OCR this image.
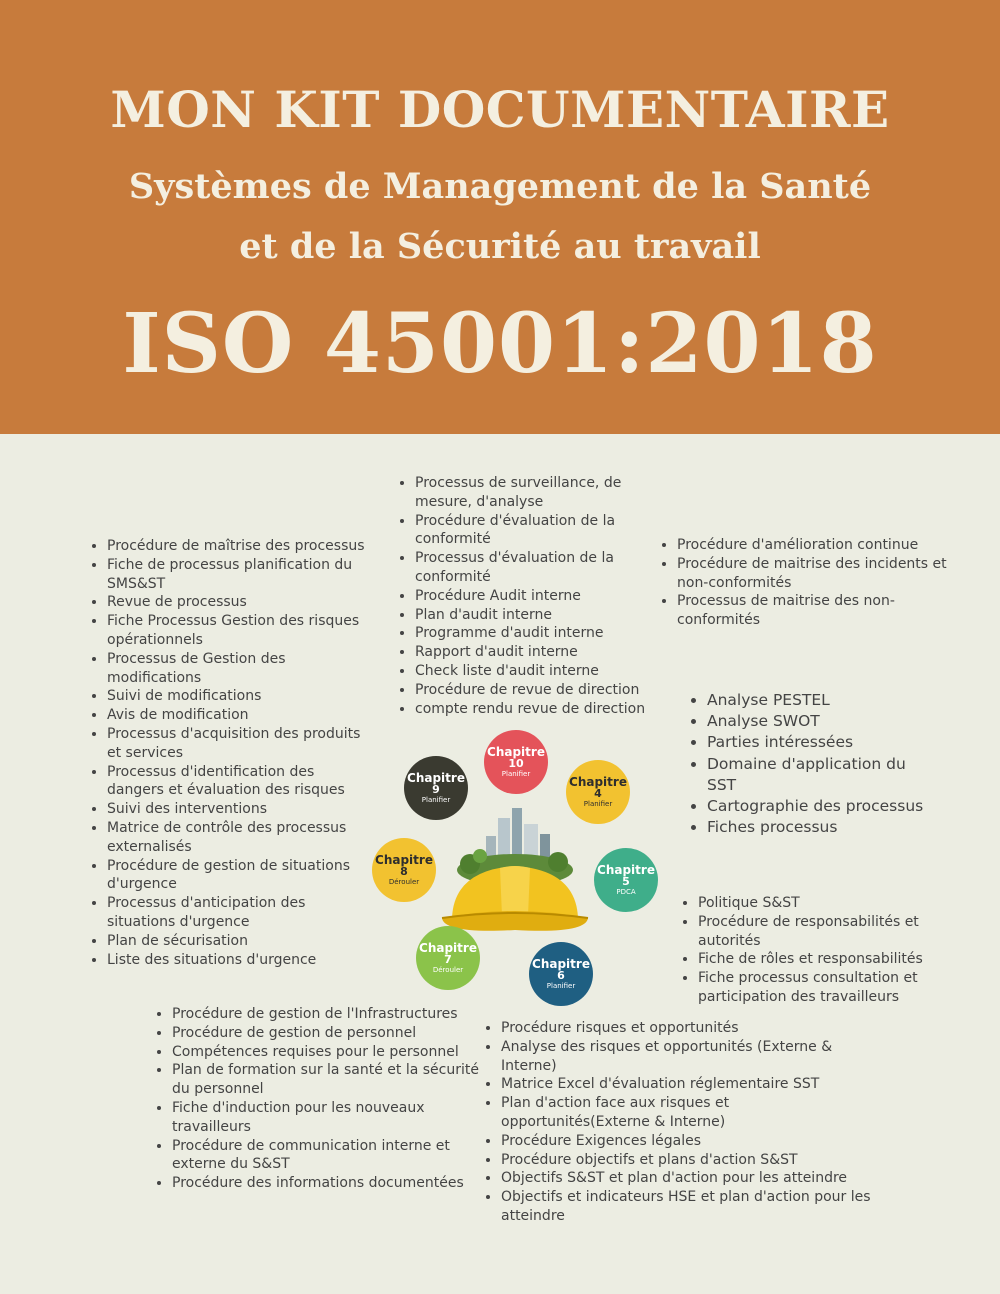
MON KIT DOCUMENTAIRE
Systèmes de Management de la Santé
et de la Sécurité au travail
ISO 45001:2018
• Processus de surveillance, de mesure, d'analyse
• Procédure d'évaluation de la conformité
• Processus d'évaluation de la conformité
• Procédure Audit interne
• Plan d'audit interne
• Programme d'audit interne
• Rapport d'audit interne
• Check liste d'audit interne
• Procédure de revue de direction
• compte rendu revue de direction
• Procédure de maîtrise des processus
• Fiche de processus planification du SMS&ST
• Revue de processus
• Fiche Processus Gestion des risques opérationnels
• Processus de Gestion des modifications
• Suivi de modifications
• Avis de modification
• Processus d'acquisition des produits et services
• Processus d'identification des dangers et évaluation des risques
• Suivi des interventions
• Matrice de contrôle des processus externalisés
• Procédure de gestion de situations d'urgence
• Processus d'anticipation des situations d'urgence
• Plan de sécurisation
• Liste des situations d'urgence
• Procédure d'amélioration continue
• Procédure de maitrise des incidents et non-conformités
• Processus de maitrise des non-conformités
• Analyse PESTEL
• Analyse SWOT
• Parties intéressées
• Domaine d'application du SST
• Cartographie des processus
• Fiches processus
• Politique S&ST
• Procédure de responsabilités et autorités
• Fiche de rôles et responsabilités
• Fiche processus consultation et participation des travailleurs
• Procédure de gestion de l'Infrastructures
• Procédure de gestion de personnel
• Compétences requises pour le personnel
• Plan de formation sur la santé et la sécurité du personnel
• Fiche d'induction pour les nouveaux travailleurs
• Procédure de communication interne et externe du S&ST
• Procédure des informations documentées
• Procédure risques et opportunités
• Analyse des risques et opportunités (Externe & Interne)
• Matrice Excel d'évaluation réglementaire SST
• Plan d'action face aux risques et opportunités(Externe & Interne)
• Procédure Exigences légales
• Procédure objectifs et plans d'action S&ST
• Objectifs S&ST et plan d'action pour les atteindre
• Objectifs et indicateurs HSE et plan d'action pour les atteindre
Chapitre
10
Planifier
Chapitre
4
Planifier
Chapitre
5
PDCA
Chapitre
6
Planifier
Chapitre
7
Dérouler
Chapitre
8
Dérouler
Chapitre
9
Planifier
